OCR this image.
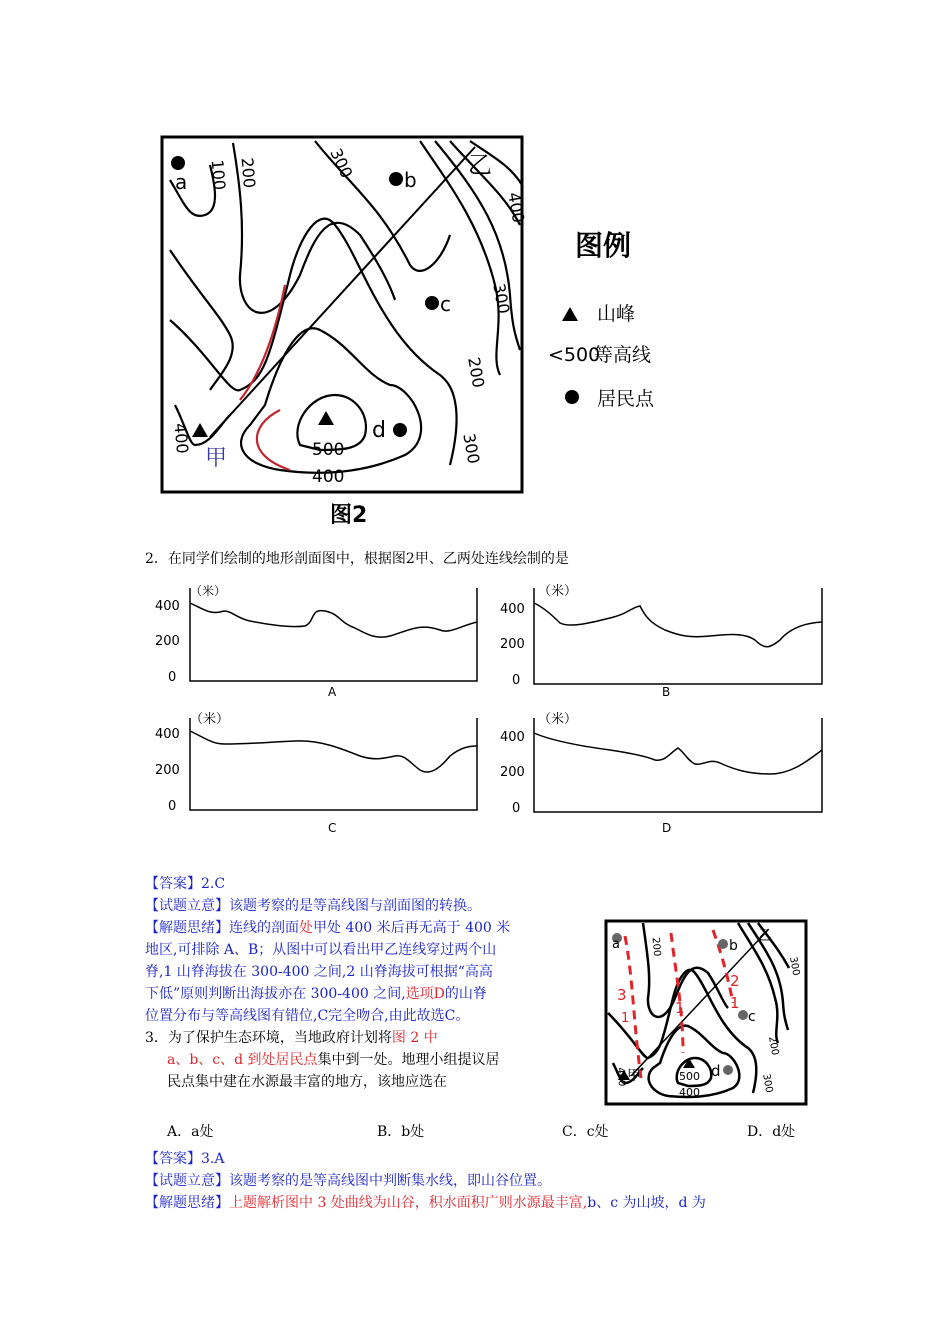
a	b
c
d
甲
乙
100 200	300
400
300
200
300
400	500
400
图2
图例
山峰
<500
等高线
居民点
2．在同学们绘制的地形剖面图中，根据图2甲、乙两处连线绘制的是
（米）
400
200
0
A
（米）
400
200
0
B
（米）
400
200
0
C
（米）
400
200
0
D
【答案】2.C
【试题立意】该题考察的是等高线图与剖面图的转换。
【解题思绪】连线的剖面处甲处 400 米后再无高于 400 米
地区,可排除 A、B；从图中可以看出甲乙连线穿过两个山
脊,1 山脊海拔在 300-400 之间,2 山脊海拔可根据“高高
下低”原则判断出海拔亦在 300-400 之间,选项D的山脊
位置分布与等高线图有错位,C完全吻合,由此故选C。
3．为了保护生态环境，当地政府计划将图 2 中
a、b、c、d 到处居民点集中到一处。地理小组提议居
民点集中建在水源最丰富的地方，该地应选在
A．a处	B．b处	C．c处	D．d处
【答案】3.A
【试题立意】该题考察的是等高线图中判断集水线，即山谷位置。
【解题思绪】上题解析图中 3 处曲线为山谷，积水面积广则水源最丰富,b、c 为山坡，d 为
a	b
c
d
甲
乙
200
300
200
300
400	500
400
3
1
1
2
1
